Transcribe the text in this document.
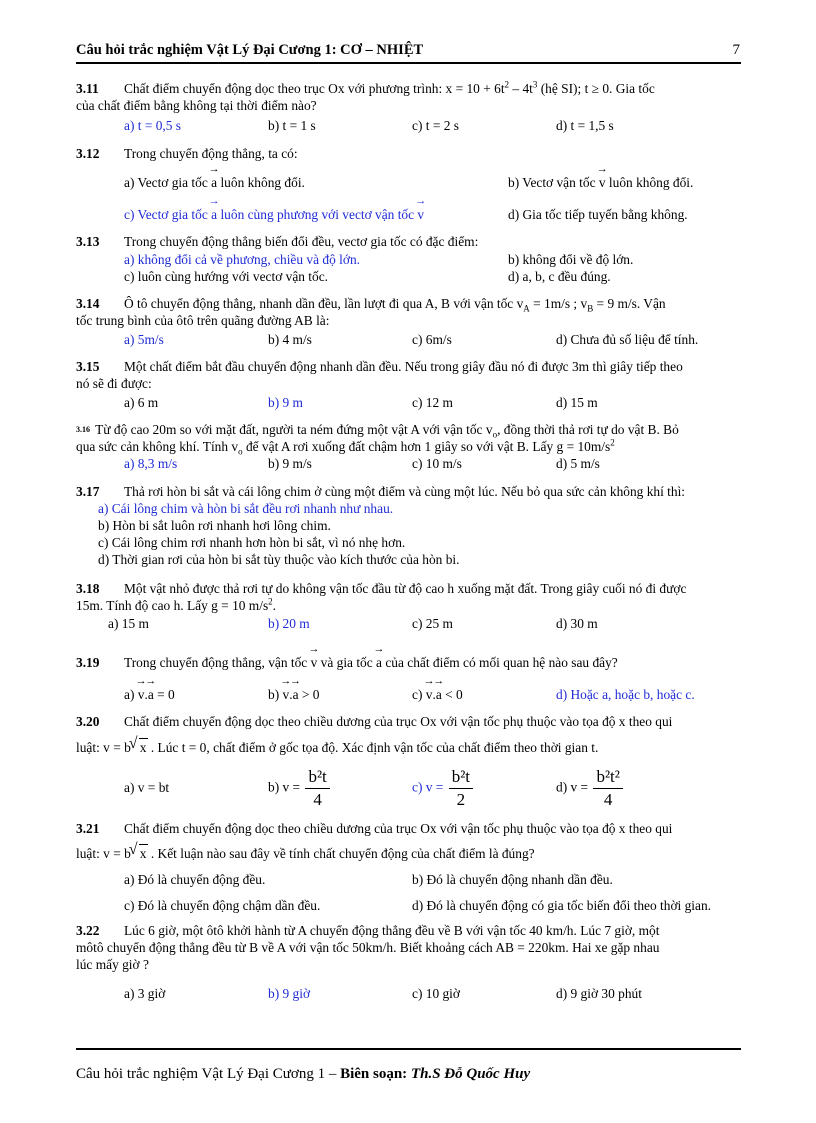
Câu hỏi trắc nghiệm Vật Lý Đại Cương 1: CƠ – NHIỆT	7
3.11 Chất điểm chuyển động dọc theo trục Ox với phương trình: $x = 10 + 6t^2 - 4t^3$ (hệ SI); t ≥ 0. Gia tốc
của chất điểm bằng không tại thời điểm nào?
a) t = 0,5 s	b) t = 1 s	c) t = 2 s	d) t = 1,5 s
3.12 Trong chuyển động thẳng, ta có:
a) Vectơ gia tốc → a luôn không đổi.	b) Vectơ vận tốc → v luôn không đổi.
c) Vectơ gia tốc → a luôn cùng phương với vectơ vận tốc → v	d) Gia tốc tiếp tuyến bằng không.
3.13 Trong chuyển động thẳng biến đổi đều, vectơ gia tốc có đặc điểm:
a) không đổi cả về phương, chiều và độ lớn.	b) không đổi về độ lớn.
c) luôn cùng hướng với vectơ vận tốc.	d) a, b, c đều đúng.
3.14 Ô tô chuyển động thẳng, nhanh dần đều, lần lượt đi qua A, B với vận tốc $v_A = 1m/s$ ; $v_B = 9$ m/s. Vận
tốc trung bình của ôtô trên quãng đường AB là:
a) 5m/s	b) 4 m/s	c) 6m/s	d) Chưa đủ số liệu để tính.
3.15 Một chất điểm bắt đầu chuyển động nhanh dần đều. Nếu trong giây đầu nó đi được 3m thì giây tiếp theo
nó sẽ đi được:
a) 6 m	b) 9 m	c) 12 m	d) 15 m
3.16 Từ độ cao 20m so với mặt đất, người ta ném đứng một vật A với vận tốc $v_o$, đồng thời thả rơi tự do vật B. Bỏ
qua sức cản không khí. Tính $v_o$ để vật A rơi xuống đất chậm hơn 1 giây so với vật B. Lấy $g = 10m/s^2$
a) 8,3 m/s	b) 9 m/s	c) 10 m/s	d) 5 m/s
3.17 Thả rơi hòn bi sắt và cái lông chim ở cùng một điểm và cùng một lúc. Nếu bỏ qua sức cản không khí thì:
a) Cái lông chim và hòn bi sắt đều rơi nhanh như nhau.
b) Hòn bi sắt luôn rơi nhanh hơi lông chim.
c) Cái lông chim rơi nhanh hơn hòn bi sắt, vì nó nhẹ hơn.
d) Thời gian rơi của hòn bi sắt tùy thuộc vào kích thước của hòn bi.
3.18 Một vật nhỏ được thả rơi tự do không vận tốc đầu từ độ cao h xuống mặt đất. Trong giây cuối nó đi được
15m. Tính độ cao h. Lấy g = 10 $m/s^2$.
a) 15 m	b) 20 m	c) 25 m	d) 30 m
3.19 Trong chuyển động thẳng, vận tốc → v và gia tốc → a của chất điểm có mối quan hệ nào sau đây?
a) → v.→ a = 0	b) → v.→ a > 0	c) → v.→ a < 0	d) Hoặc a, hoặc b, hoặc c.
3.20 Chất điểm chuyển động dọc theo chiều dương của trục Ox với vận tốc phụ thuộc vào tọa độ x theo qui
luật: v = b √ x . Lúc t = 0, chất điểm ở gốc tọa độ. Xác định vận tốc của chất điểm theo thời gian t.
a) v = bt	b) $v = \frac{\text{b²t}}{4}$	c) $v = \frac{\text{b²t}}{2}$	d) $v = \frac{\text{b²t²}}{4}$
3.21 Chất điểm chuyển động dọc theo chiều dương của trục Ox với vận tốc phụ thuộc vào tọa độ x theo qui
luật: v = b √ x . Kết luận nào sau đây về tính chất chuyển động của chất điểm là đúng?
a) Đó là chuyển động đều.	b) Đó là chuyển động nhanh dần đều.
c) Đó là chuyển động chậm dần đều.	d) Đó là chuyển động có gia tốc biến đổi theo thời gian.
3.22 Lúc 6 giờ, một ôtô khởi hành từ A chuyển động thẳng đều về B với vận tốc 40 km/h. Lúc 7 giờ, một
môtô chuyển động thẳng đều từ B về A với vận tốc 50km/h. Biết khoảng cách AB = 220km. Hai xe gặp nhau
lúc mấy giờ ?
a) 3 giờ	b) 9 giờ	c) 10 giờ	d) 9 giờ 30 phút
Câu hỏi trắc nghiệm Vật Lý Đại Cương 1 – Biên soạn: Th.S Đỗ Quốc Huy
